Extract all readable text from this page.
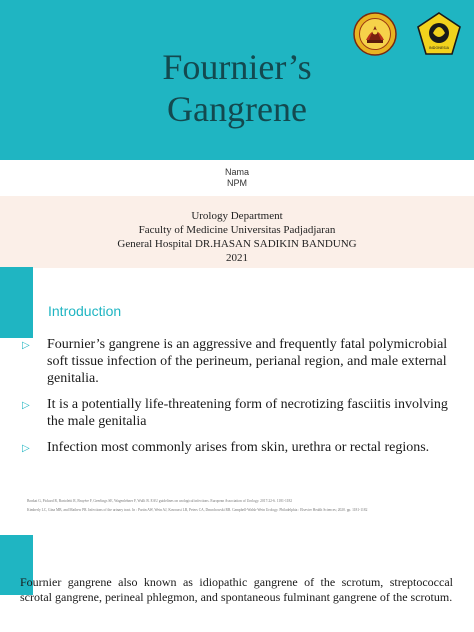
Fournier’s
Gangrene
INDONESIA
Nama
NPM
Urology Department
Faculty of Medicine Universitas Padjadjaran
General Hospital DR.HASAN SADIKIN BANDUNG
2021
Introduction
▷ Fournier’s gangrene is an aggressive and frequently fatal polymicrobial soft tissue infection of the perineum, perianal region, and male external genitalia.
▷ It is a potentially life-threatening form of necrotizing fasciitis involving the male genitalia
▷ Infection most commonly arises from skin, urethra or rectal regions.

Bonkat G, Pickard R, Bartoletti R, Bruyère F, Geerlings SE, Wagenlehner F, Wullt B. EAU guidelines on urological infections. European Association of Urology. 2017:22-6. 1181-1182

Kimberly LC, Gina MB, and Mathew PR. Infections of the urinary tract. In : Partin AW, Wein AJ, Kavoussi LR, Peters CA, Dmochowski RR. Campbell-Walsh-Wein Urology. Philadelphia : Elsevier Health Sciences; 2020. pp. 1181-1182

Fournier gangrene also known as idiopathic gangrene of the scrotum, streptococcal scrotal gangrene, perineal phlegmon, and spontaneous fulminant gangrene of the scrotum.
